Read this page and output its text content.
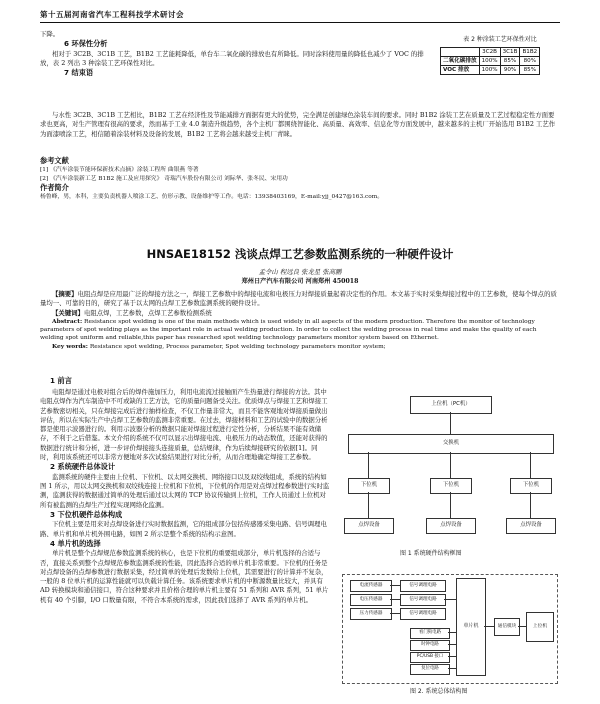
第十五届河南省汽车工程科技学术研讨会
下降。
6 环保性分析
相对于 3C2B、3C1B 工艺，B1B2 工艺能耗降低，单台车二氧化碳的排放也有所降低。同时涂料使用量的降低也减少了 VOC 的排放，表 2 列出 3 种涂装工艺环保性对比。
7 结束语
与水性 3C2B、3C1B 工艺相比，B1B2 工艺在经济性及节能减排方面据有更大的优势，完全满足创建绿色涂装车间的要求。同时 B1B2 涂装工艺在质量及工艺过程稳定性方面要求也更高，对生产管理有很高的要求，然而基于工业 4.0 制造升级趋势，各个主机厂都围绕智能化、高质量、高效率、信息化等方面发展中，越来越多的主机厂开始选用 B1B2 工艺作为面漆喷涂工艺，相信随着涂装材料及设备的发展，B1B2 工艺将会越来越受主机厂青睐。
参考文献
[1] 《汽车涂装节能环保新技术点摘》涂装工程所 曲银燕 等著
[2] 《汽车涂装新工艺 B1B2 施工及应用探究》 奇瑞汽车股份有限公司 刘际华、张冬民、宋用功
作者简介
杨鲁峰，男，本科，主要负责机器人喷涂工艺、仿形示教、设备维护等工作。电话：13938403169，E-mail:yjj_0427@163.com。
表 2 种涂装工艺环保性对比
	3C2B	3C1B	B1B2
二氧化碳排放	100%	85%	80%
VOC 排放	100%	90%	85%
HNSAE18152 浅谈点焊工艺参数监测系统的一种硬件设计
孟令山 程远良 张龙星 张高鹏
郑州日产汽车有限公司 河南郑州 450018
【摘要】电阻点焊是应用最广泛的焊接方法之一，焊接工艺参数中的焊接电流和电极压力对焊接质量起着决定性的作用。本文基于实时采集焊接过程中的工艺参数，使每个焊点的质量均一、可靠的目的，研究了基于以太网的点焊工艺参数监测系统的硬件设计。
【关键词】电阻点焊，工艺参数，点焊工艺参数检测系统
Abstract: Resistance spot welding is one of the main methods which is used widely in all aspects of the modern production. Therefore the monitor of technology parameters of spot welding plays as the important role in actual welding production. In order to collect the welding process in real time and make the quality of each welding spot uniform and reliable,this paper has researched spot welding technology parameters monitor system based on Ethernet.
Key words: Resistance spot welding, Process parameter, Spot welding technology parameters monitor system;
1 前言
电阻焊是通过电极对组合后的焊件施加压力，利用电流流过接触面产生热量进行焊接的方法。其中电阻点焊作为汽车制造中不可或缺的工艺方法，它的质量问题备受关注。优质焊点与焊接工艺和焊接工艺参数密切相关，只在焊接完成后进行抽样检查，不仅工作量非常大，而且不能客观地对焊接质量做出评估，所以在实际生产中点焊工艺参数的监测非常重要。在过去，焊接材料和工艺的试验中的数据分析都是使用示波器进行的。利用示波器分析的数据只能对焊接过程进行定性分析，分析结果不能有效储存，不利于之后借鉴。本文介绍的系统不仅可以显示出焊接电流、电极压力的动态数值，还能对获得的数据进行统计和分析，进一步评价焊接接头连接质量，总结规律，作为后续焊接研究的依据[1]。同时，利用该系统还可以非常方便地对多次试验结果进行对比分析，从而合理地确定焊接工艺参数。
2 系统硬件总体设计
监测系统的硬件主要由上位机、下位机、以太网交换机、网络接口以及双绞线组成，系统的结构如图 1 所示，用以太网交换机和双绞线连接上位机和下位机，下位机的作用是对点焊过程参数进行实时监测，监测获得的数据通过简单的处理后通过以太网的 TCP 协议传输到上位机，工作人员通过上位机对所有被监测的点焊生产过程实现网络化监测。
3 下位机硬件总体构成
下位机主要是用来对点焊设备进行实时数据监测，它的组成部分包括传感器采集电路、信号调理电路、单片机和单片机外围电路，如图 2 所示是整个系统的结构示意图。
4 单片机的选择
单片机是整个点焊规范参数监测系统的核心，也是下位机的重要组成部分，单片机选择的合适与否，直接关系到整个点焊规范参数监测系统的性能，因此选择合适的单片机非常重要。下位机的任务是对点焊设备的点焊参数进行数据采集，经过简单的处理后发数给上位机，其需要进行的计算并不复杂，一般的 8 位单片机的运算性能就可以负载计算任务。该系统要求单片机的中断源数量比较大，并具有 AD 转换模块和通信接口，符合这种要求并且价格合理的单片机主要有 51 系列和 AVR 系列，51 单片机有 40 个引脚，I/O 口数量有限，不符合本系统的需求，因此我们选择了 AVR 系列的单片机。
上位机（PC机）
交换机
下位机	下位机	下位机
点焊设备	点焊设备	点焊设备
图 1 系统硬件结构框图
电流传感器
电压传感器
压力传感器
信号调理电路
信号调理电路
信号调理电路
单片机
看门狗电路
时钟电路
PC/USB 接口
复位电路
通信模块	上位机
图 2. 系统总体结构图
